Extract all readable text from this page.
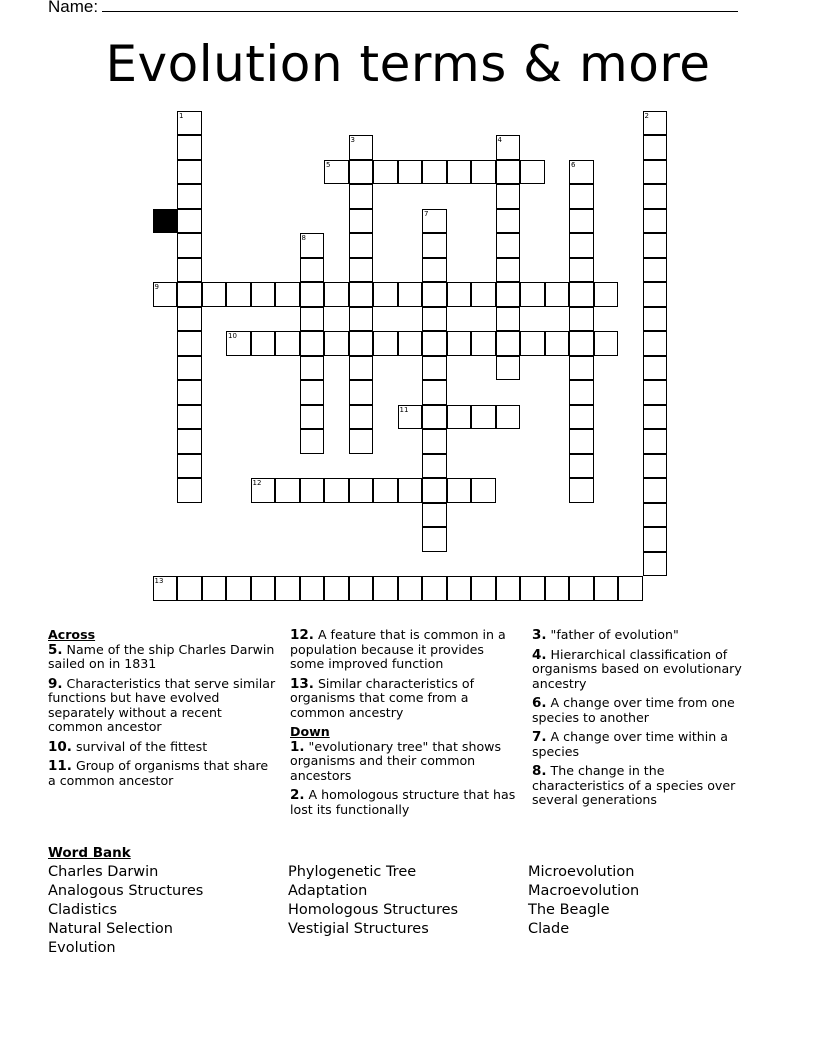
Name:
Evolution terms & more
1	2
3	4
5	6
7
8
9
10
11
12
13
Across
5. Name of the ship Charles Darwin sailed on in 1831
9. Characteristics that serve similar functions but have evolved separately without a recent common ancestor
10. survival of the fittest
11. Group of organisms that share a common ancestor
12. A feature that is common in a population because it provides some improved function
13. Similar characteristics of organisms that come from a common ancestry
Down
1. "evolutionary tree" that shows organisms and their common ancestors
2. A homologous structure that has lost its functionally
3. "father of evolution"
4. Hierarchical classification of organisms based on evolutionary ancestry
6. A change over time from one species to another
7. A change over time within a species
8. The change in the characteristics of a species over several generations
Word Bank
Charles Darwin
Analogous Structures
Cladistics
Natural Selection
Evolution
Phylogenetic Tree
Adaptation
Homologous Structures
Vestigial Structures
Microevolution
Macroevolution
The Beagle
Clade
